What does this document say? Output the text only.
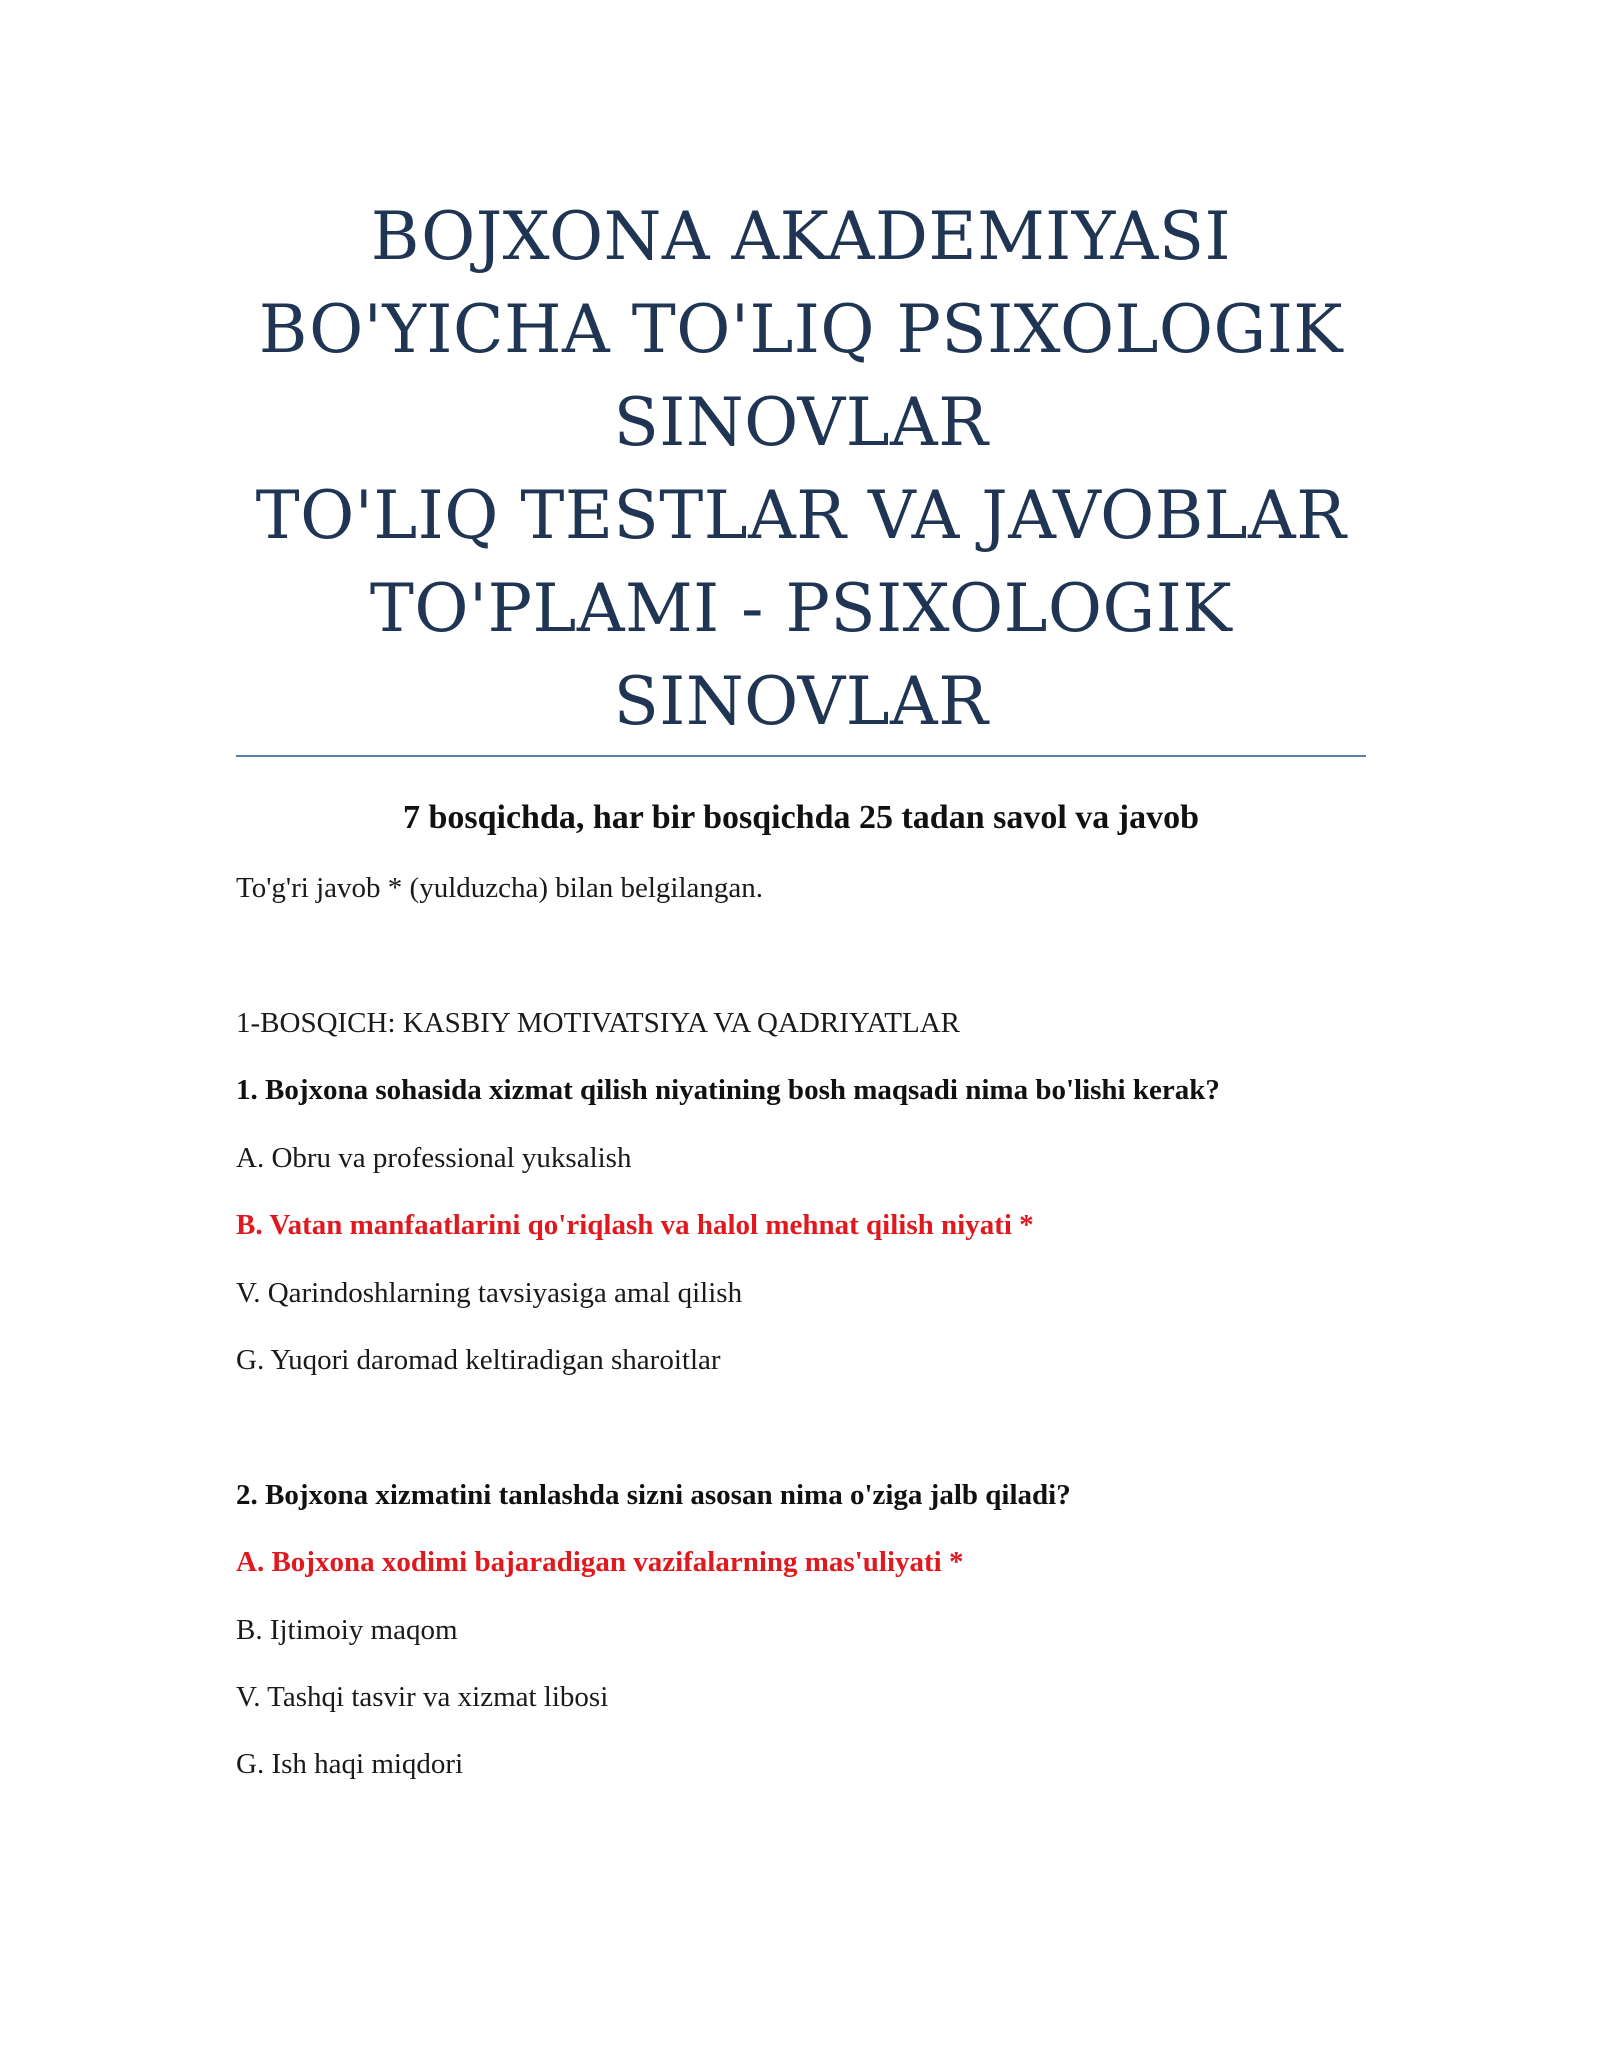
BOJXONA AKADEMIYASI
BO'YICHA TO'LIQ PSIXOLOGIK
SINOVLAR
TO'LIQ TESTLAR VA JAVOBLAR
TO'PLAMI - PSIXOLOGIK
SINOVLAR
7 bosqichda, har bir bosqichda 25 tadan savol va javob
To'g'ri javob * (yulduzcha) bilan belgilangan.
1-BOSQICH: KASBIY MOTIVATSIYA VA QADRIYATLAR
1. Bojxona sohasida xizmat qilish niyatining bosh maqsadi nima bo'lishi kerak?
A. Obru va professional yuksalish
B. Vatan manfaatlarini qo'riqlash va halol mehnat qilish niyati *
V. Qarindoshlarning tavsiyasiga amal qilish
G. Yuqori daromad keltiradigan sharoitlar
2. Bojxona xizmatini tanlashda sizni asosan nima o'ziga jalb qiladi?
A. Bojxona xodimi bajaradigan vazifalarning mas'uliyati *
B. Ijtimoiy maqom
V. Tashqi tasvir va xizmat libosi
G. Ish haqi miqdori
